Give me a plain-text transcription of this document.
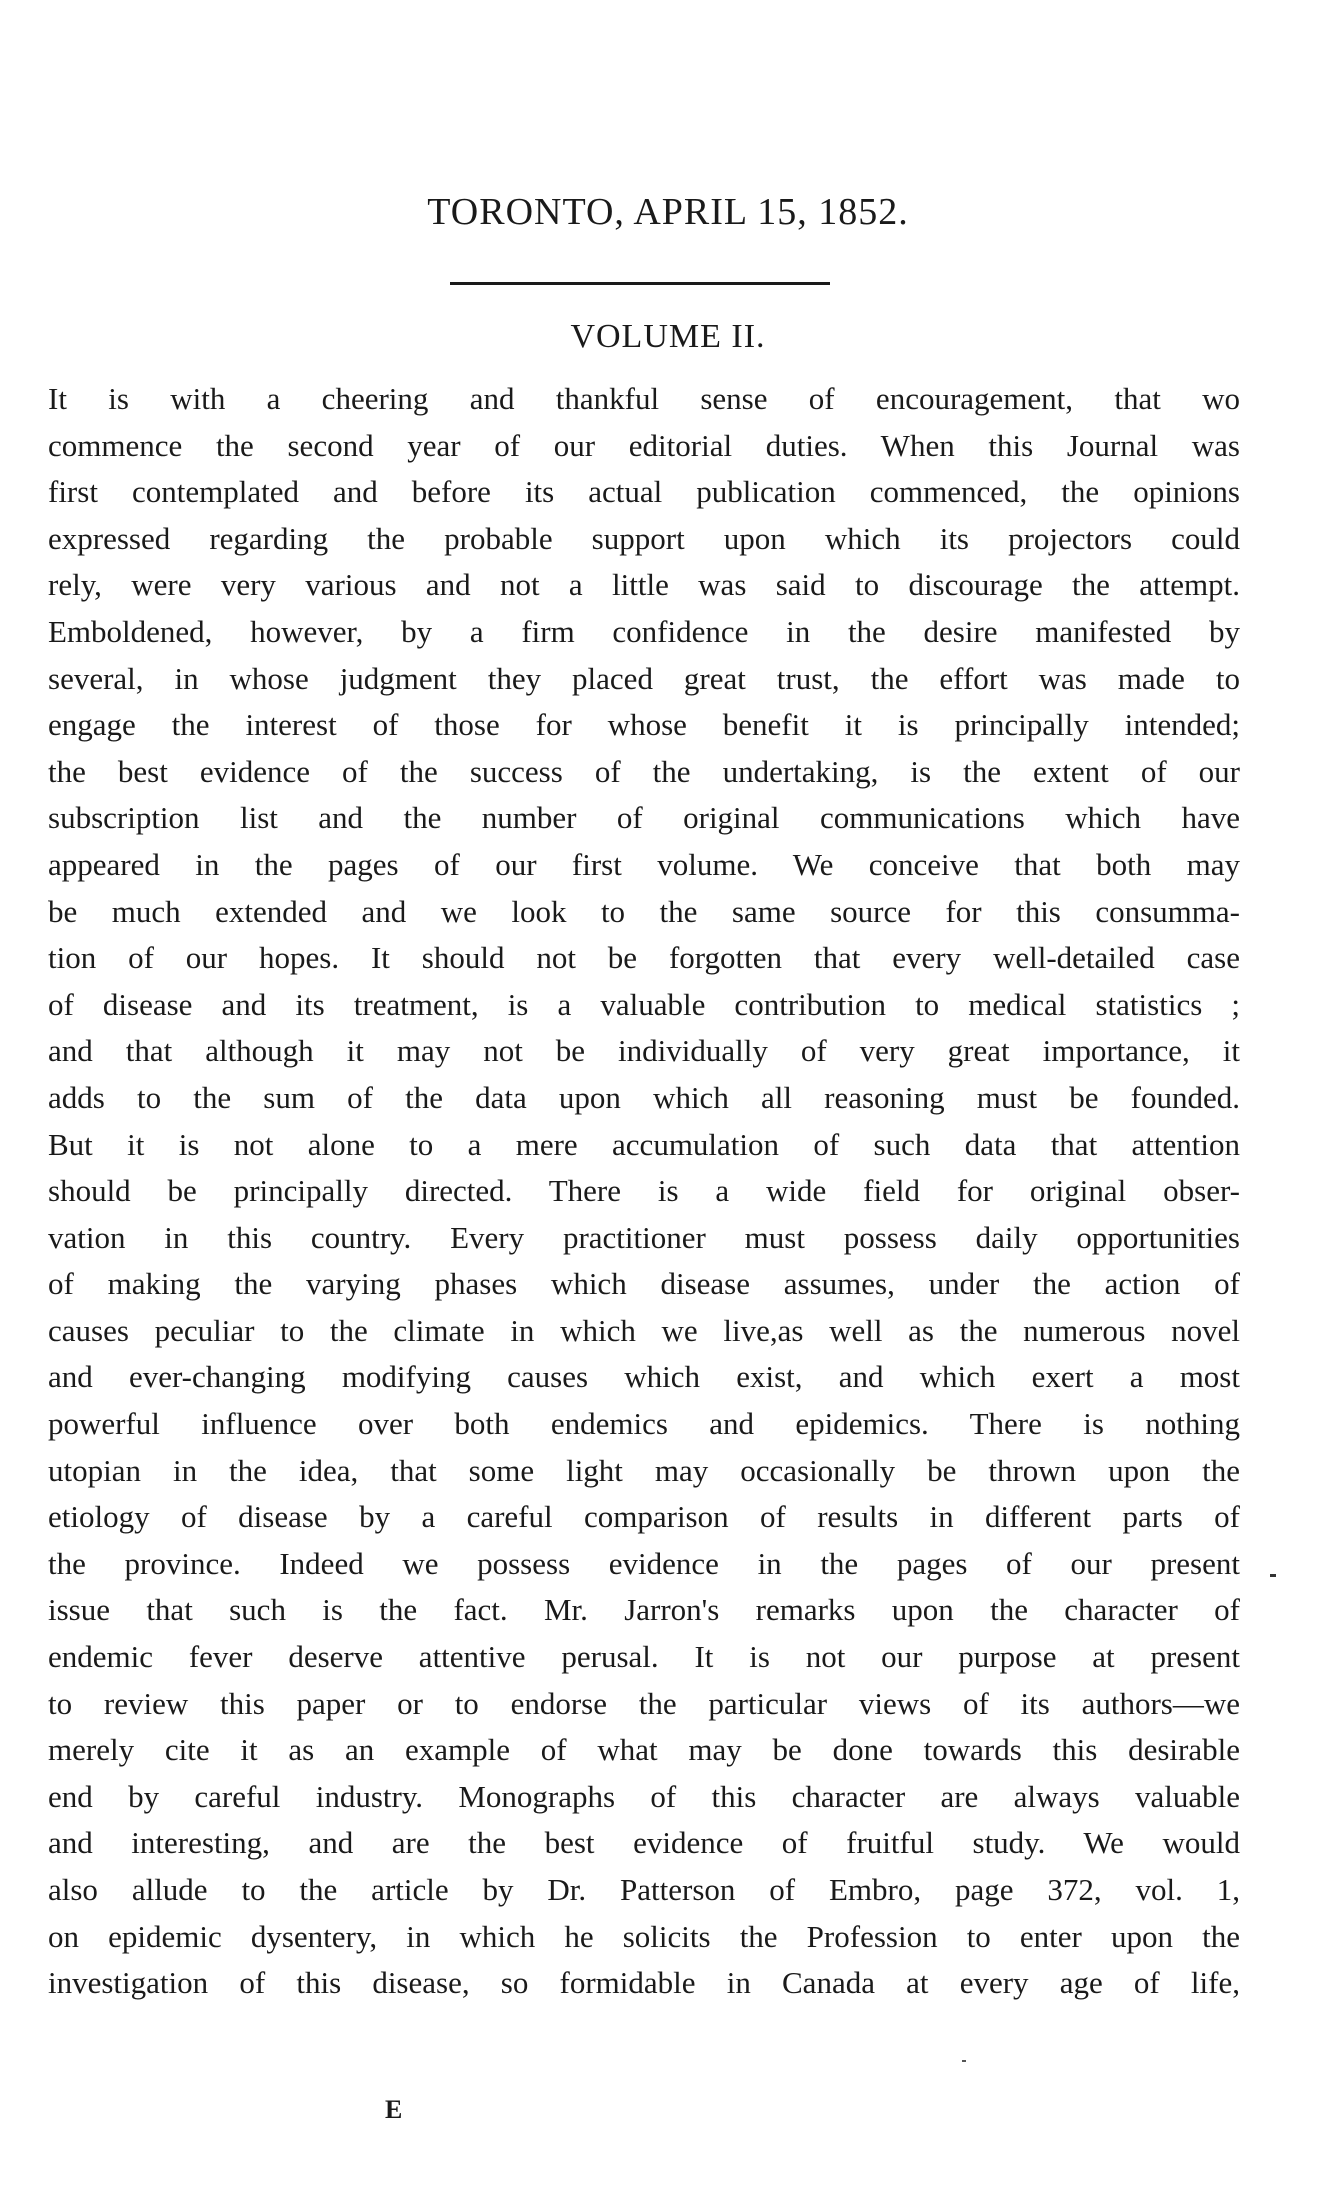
TORONTO, APRIL 15, 1852.
VOLUME II.
It is with a cheering and thankful sense of encouragement, that wo
commence the second year of our editorial duties. When this Journal was
first contemplated and before its actual publication commenced, the opinions
expressed regarding the probable support upon which its projectors could
rely, were very various and not a little was said to discourage the attempt.
Emboldened, however, by a firm confidence in the desire manifested by
several, in whose judgment they placed great trust, the effort was made to
engage the interest of those for whose benefit it is principally intended;
the best evidence of the success of the undertaking, is the extent of our
subscription list and the number of original communications which have
appeared in the pages of our first volume. We conceive that both may
be much extended and we look to the same source for this consumma-
tion of our hopes. It should not be forgotten that every well-detailed case
of disease and its treatment, is a valuable contribution to medical statistics ;
and that although it may not be individually of very great importance, it
adds to the sum of the data upon which all reasoning must be founded.
But it is not alone to a mere accumulation of such data that attention
should be principally directed. There is a wide field for original obser-
vation in this country. Every practitioner must possess daily opportunities
of making the varying phases which disease assumes, under the action of
causes peculiar to the climate in which we live,as well as the numerous novel
and ever-changing modifying causes which exist, and which exert a most
powerful influence over both endemics and epidemics. There is nothing
utopian in the idea, that some light may occasionally be thrown upon the
etiology of disease by a careful comparison of results in different parts of
the province. Indeed we possess evidence in the pages of our present
issue that such is the fact. Mr. Jarron's remarks upon the character of
endemic fever deserve attentive perusal. It is not our purpose at present
to review this paper or to endorse the particular views of its authors—we
merely cite it as an example of what may be done towards this desirable
end by careful industry. Monographs of this character are always valuable
and interesting, and are the best evidence of fruitful study. We would
also allude to the article by Dr. Patterson of Embro, page 372, vol. 1,
on epidemic dysentery, in which he solicits the Profession to enter upon the
investigation of this disease, so formidable in Canada at every age of life,

E
